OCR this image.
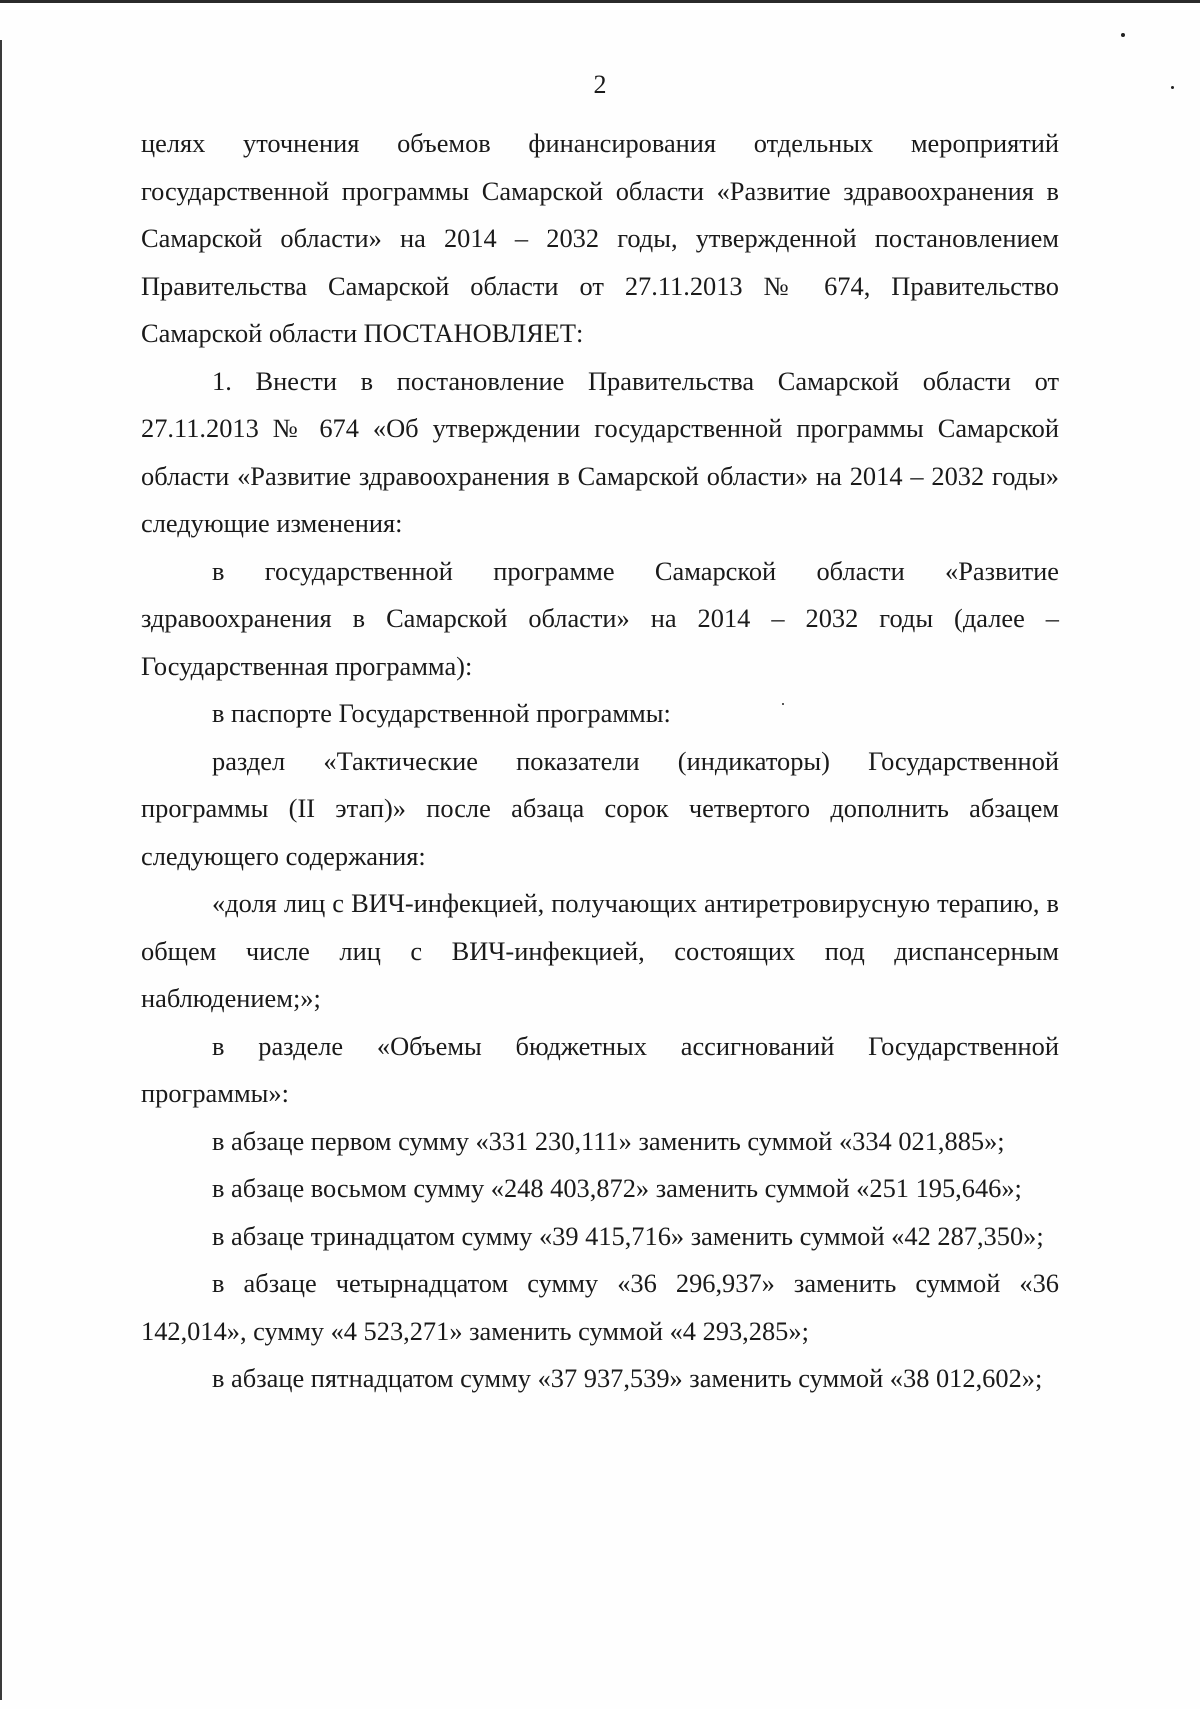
2

целях уточнения объемов финансирования отдельных мероприятий государственной программы Самарской области «Развитие здравоохранения в Самарской области» на 2014 – 2032 годы, утвержденной постановлением Правительства Самарской области от 27.11.2013 № 674, Правительство Самарской области ПОСТАНОВЛЯЕТ:

1. Внести в постановление Правительства Самарской области от 27.11.2013 № 674 «Об утверждении государственной программы Самарской области «Развитие здравоохранения в Самарской области» на 2014 – 2032 годы» следующие изменения:

в государственной программе Самарской области «Развитие здравоохранения в Самарской области» на 2014 – 2032 годы (далее – Государственная программа):

в паспорте Государственной программы:

раздел «Тактические показатели (индикаторы) Государственной программы (II этап)» после абзаца сорок четвертого дополнить абзацем следующего содержания:

«доля лиц с ВИЧ-инфекцией, получающих антиретровирусную терапию, в общем числе лиц с ВИЧ-инфекцией, состоящих под диспансерным наблюдением;»;

в разделе «Объемы бюджетных ассигнований Государственной программы»:

в абзаце первом сумму «331 230,111» заменить суммой «334 021,885»;

в абзаце восьмом сумму «248 403,872» заменить суммой «251 195,646»;

в абзаце тринадцатом сумму «39 415,716» заменить суммой «42 287,350»;

в абзаце четырнадцатом сумму «36 296,937» заменить суммой «36 142,014», сумму «4 523,271» заменить суммой «4 293,285»;

в абзаце пятнадцатом сумму «37 937,539» заменить суммой «38 012,602»;
